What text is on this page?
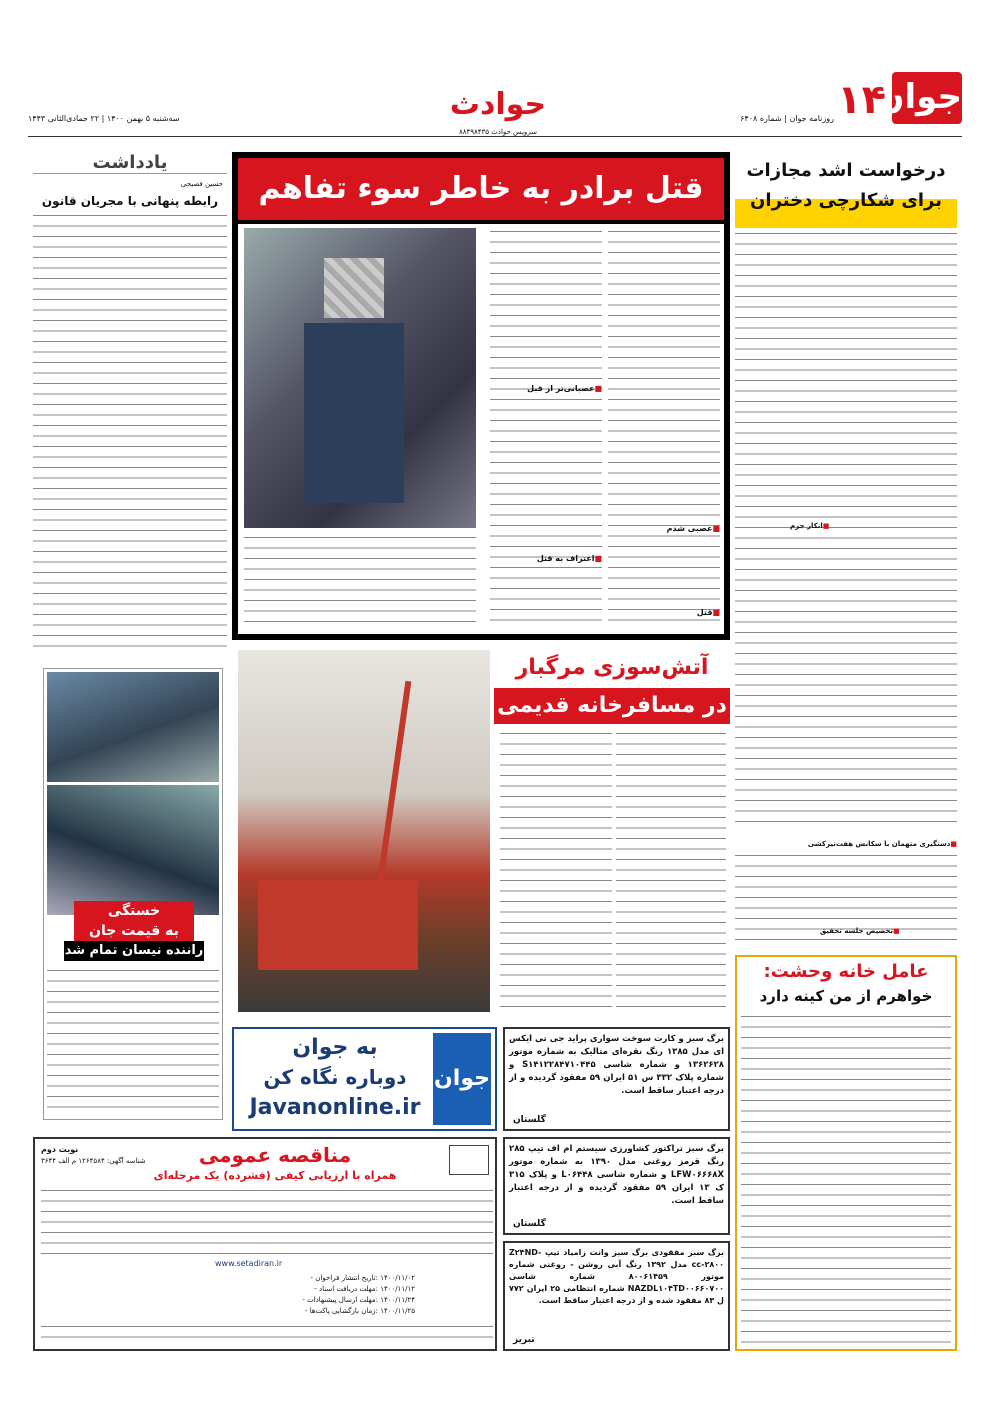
جوان
۱۴
روزنامه جوان | شماره ۶۴۰۸
سه‌شنبه ۵ بهمن ۱۴۰۰ | ۲۲ جمادی‌الثانی ۱۴۴۳	حوادث
سرویس حوادث ۸۸۴۹۸۴۳۵
درخواست اشد مجازات برای شکارچی دختران
■دستگیری متهمان با سکانس هفت‌تیرکشی
■انکار جرم
■تخصیص جلسه تحقیق
قتل برادر به خاطر سوء تفاهم
■عصبانی‌تر از قبل
■اعتراف به قتل
■عصبی شدم
■قتل
یادداشت
حسین فصیحی
رابطه پنهانی با مجریان قانون
خستگی
به قیمت جان
راننده نیسان تمام شد
آتش‌سوزی مرگبار
در مسافرخانه قدیمی
جوان
به جوان
دوباره نگاه کن
Javanonline.ir
برگ سبز و کارت سوخت سواری پراید جی تی ایکس ای مدل ۱۳۸۵ رنگ نقره‌ای متالیک به شماره موتور ۱۳۶۲۶۲۸ و شماره شاسی S۱۴۱۲۲۸۴۷۱۰۴۴۵ و شماره پلاک ۳۳۲ س ۵۱ ایران ۵۹ مفقود گردیده و از درجه اعتبار ساقط است.
گلستان
برگ سبز تراکتور کشاورزی سیستم ام اف تیپ ۲۸۵ رنگ قرمز روغنی مدل ۱۳۹۰ به شماره موتور LFW۰۶۶۶۸X و شماره شاسی L۰۶۴۴۸ و پلاک ۳۱۵ ک ۱۳ ایران ۵۹ مفقود گردیده و از درجه اعتبار ساقط است.
گلستان
برگ سبز مفقودی برگ سبز وانت زامیاد تیپ Z۲۴ND-cc-۲۸۰۰ مدل ۱۳۹۲ رنگ آبی روشن - روغنی شماره موتور ۸۰۰۶۱۴۵۹ شماره شاسی NAZDL۱۰۴TD۰۰۶۶۰۷۰۰ شماره انتظامی ۲۵ ایران ۷۷۲ ل ۸۳ مفقود شده و از درجه اعتبار ساقط است.
تبریز
مناقصه عمومی
همراه با ارزیابی کیفی (فشرده) یک مرحله‌ای
نوبت دوم
شناسه آگهی: ۱۲۶۴۵۸۴ م الف ۳۶۴۴
www.setadiran.ir
۱۴۰۰/۱۱/۰۲ :تاریخ انتشار فراخوان -
۱۴۰۰/۱۱/۱۲ :مهلت دریافت اسناد -
۱۴۰۰/۱۱/۲۴ :مهلت ارسال پیشنهادات -
۱۴۰۰/۱۱/۲۵ :زمان بازگشایی پاکت‌ها -
عامل خانه وحشت:
خواهرم از من کینه دارد
